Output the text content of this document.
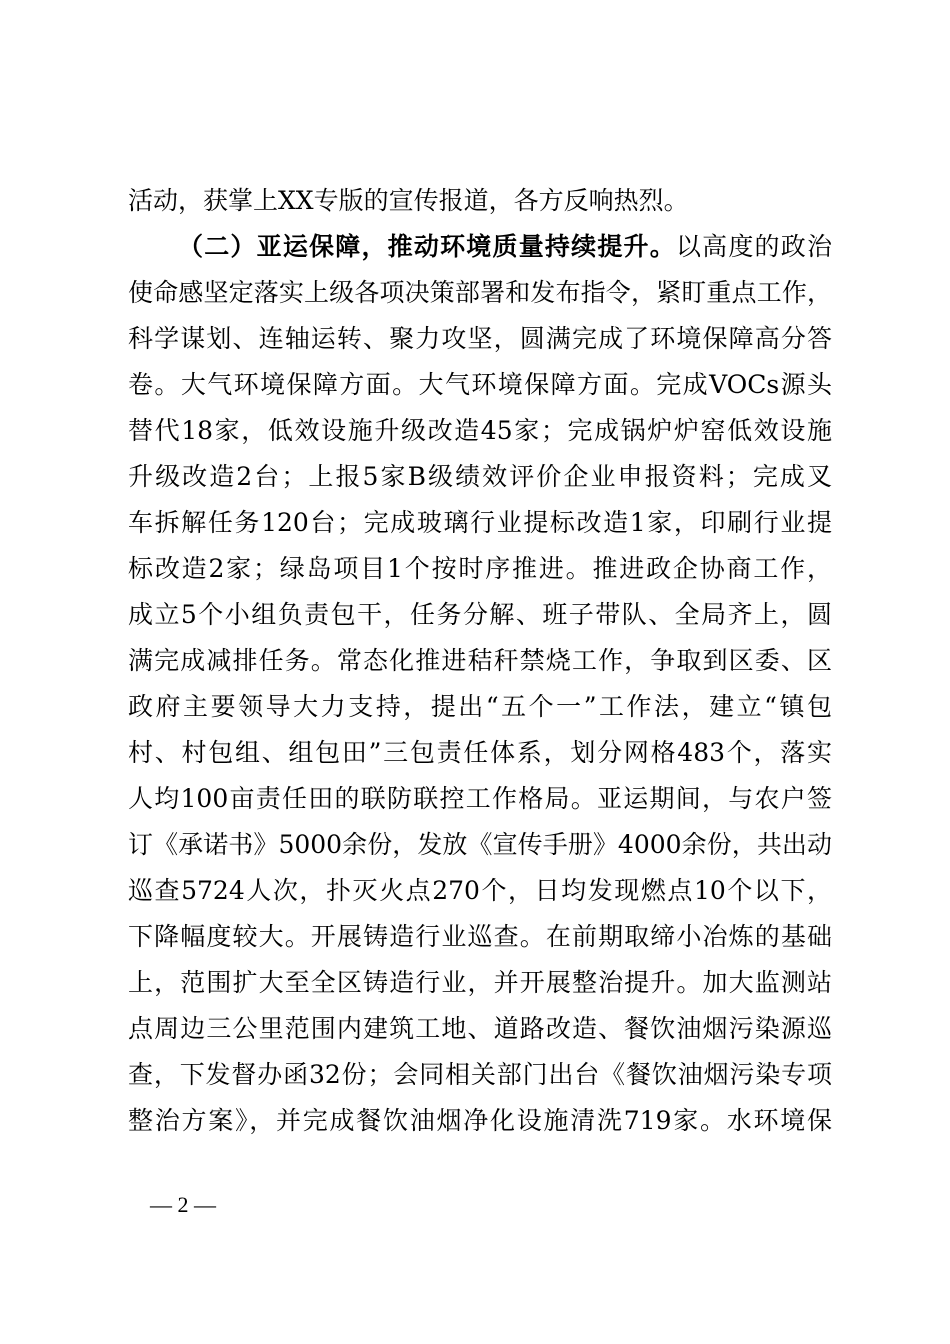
活动，获掌上XX专版的宣传报道，各方反响热烈。
（二）亚运保障，推动环境质量持续提升。以高度的政治
使命感坚定落实上级各项决策部署和发布指令，紧盯重点工作，
科学谋划、连轴运转、聚力攻坚，圆满完成了环境保障高分答
卷。大气环境保障方面。大气环境保障方面。完成VOCs源头
替代18家，低效设施升级改造45家；完成锅炉炉窑低效设施
升级改造2台；上报5家B级绩效评价企业申报资料；完成叉
车拆解任务120台；完成玻璃行业提标改造1家，印刷行业提
标改造2家；绿岛项目1个按时序推进。推进政企协商工作，
成立5个小组负责包干，任务分解、班子带队、全局齐上，圆
满完成减排任务。常态化推进秸秆禁烧工作，争取到区委、区
政府主要领导大力支持，提出“五个一”工作法，建立“镇包
村、村包组、组包田”三包责任体系，划分网格483个，落实
人均100亩责任田的联防联控工作格局。亚运期间，与农户签
订《承诺书》5000余份，发放《宣传手册》4000余份，共出动
巡查5724人次，扑灭火点270个，日均发现燃点10个以下，
下降幅度较大。开展铸造行业巡查。在前期取缔小冶炼的基础
上，范围扩大至全区铸造行业，并开展整治提升。加大监测站
点周边三公里范围内建筑工地、道路改造、餐饮油烟污染源巡
查，下发督办函32份；会同相关部门出台《餐饮油烟污染专项
整治方案》，并完成餐饮油烟净化设施清洗719家。水环境保
— 2 —
